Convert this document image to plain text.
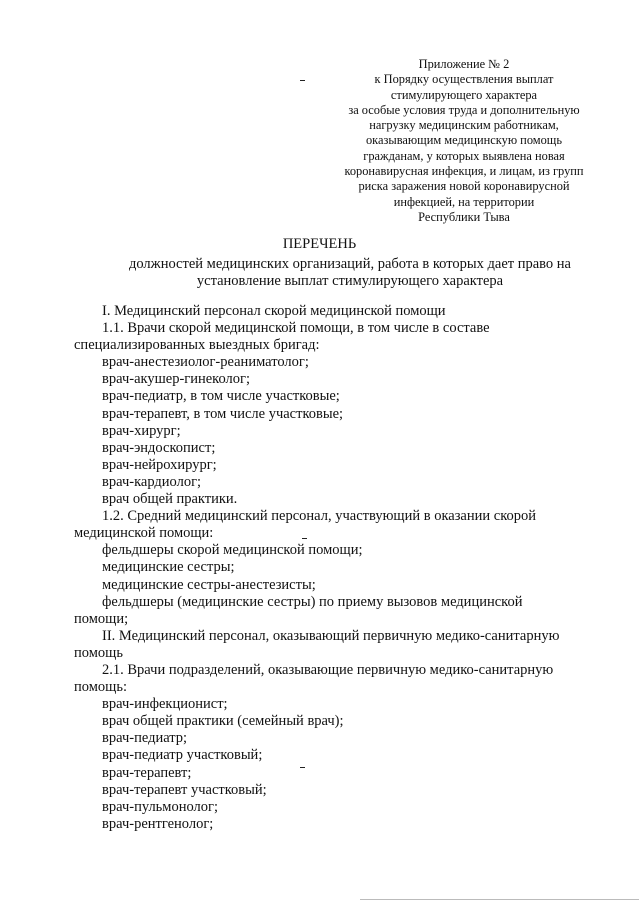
Приложение № 2
к Порядку осуществления выплат
стимулирующего характера
за особые условия труда и дополнительную
нагрузку медицинским работникам,
оказывающим медицинскую помощь
гражданам, у которых выявлена новая
коронавирусная инфекция, и лицам, из групп
риска заражения новой коронавирусной
инфекцией, на территории
Республики Тыва
ПЕРЕЧЕНЬ
должностей медицинских организаций, работа в которых дает право на
установление выплат стимулирующего характера
I. Медицинский персонал скорой медицинской помощи
1.1. Врачи скорой медицинской помощи, в том числе в составе
специализированных выездных бригад:
врач-анестезиолог-реаниматолог;
врач-акушер-гинеколог;
врач-педиатр, в том числе участковые;
врач-терапевт, в том числе участковые;
врач-хирург;
врач-эндоскопист;
врач-нейрохирург;
врач-кардиолог;
врач общей практики.
1.2. Средний медицинский персонал, участвующий в оказании скорой
медицинской помощи:
фельдшеры скорой медицинской помощи;
медицинские сестры;
медицинские сестры-анестезисты;
фельдшеры (медицинские сестры) по приему вызовов медицинской
помощи;
II. Медицинский персонал, оказывающий первичную медико-санитарную
помощь
2.1. Врачи подразделений, оказывающие первичную медико-санитарную
помощь:
врач-инфекционист;
врач общей практики (семейный врач);
врач-педиатр;
врач-педиатр участковый;
врач-терапевт;
врач-терапевт участковый;
врач-пульмонолог;
врач-рентгенолог;
